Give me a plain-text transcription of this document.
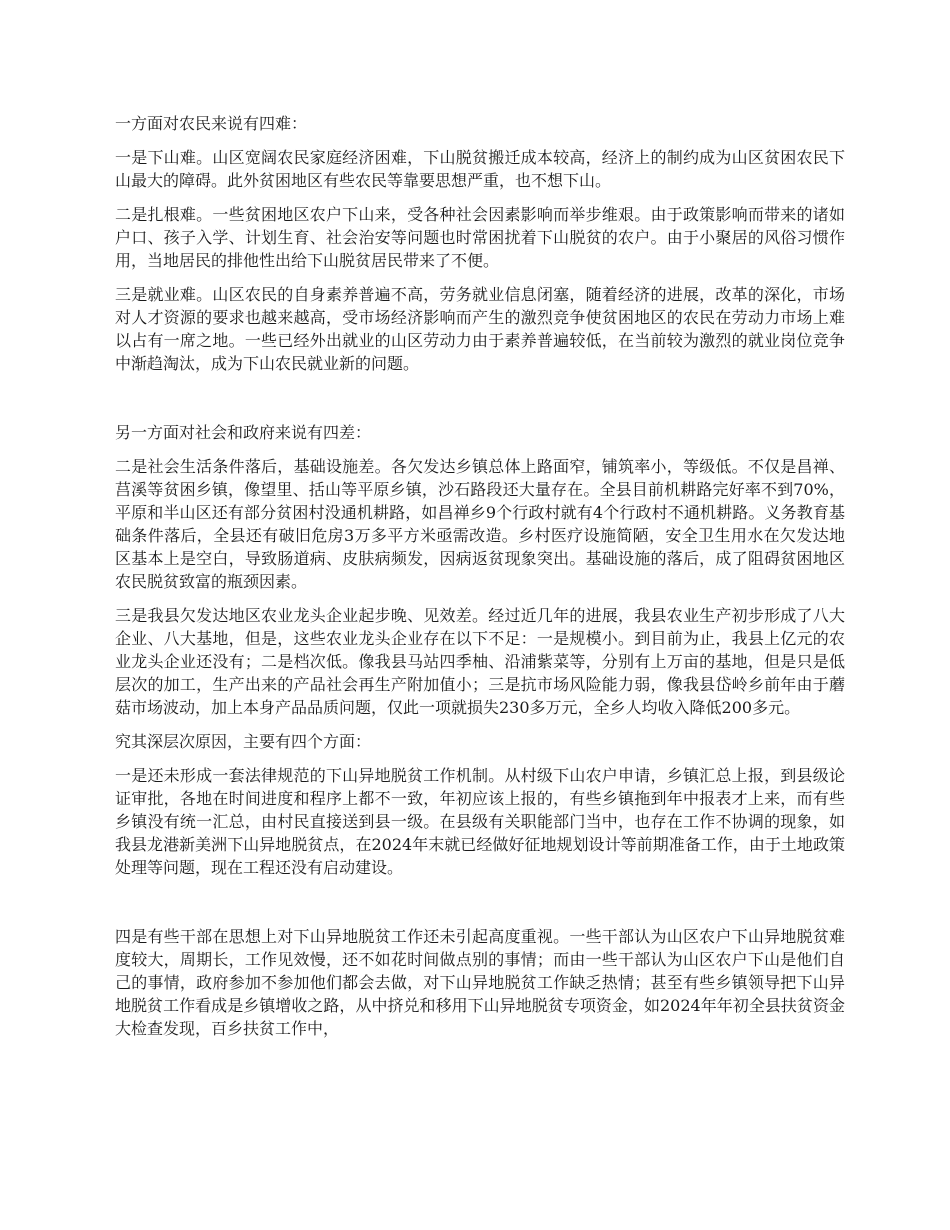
一方面对农民来说有四难：

一是下山难。山区宽阔农民家庭经济困难，下山脱贫搬迁成本较高，经济上的制约成为山区贫困农民下山最大的障碍。此外贫困地区有些农民等靠要思想严重，也不想下山。

二是扎根难。一些贫困地区农户下山来，受各种社会因素影响而举步维艰。由于政策影响而带来的诸如户口、孩子入学、计划生育、社会治安等问题也时常困扰着下山脱贫的农户。由于小聚居的风俗习惯作用，当地居民的排他性出给下山脱贫居民带来了不便。

三是就业难。山区农民的自身素养普遍不高，劳务就业信息闭塞，随着经济的进展，改革的深化，市场对人才资源的要求也越来越高，受市场经济影响而产生的激烈竞争使贫困地区的农民在劳动力市场上难以占有一席之地。一些已经外出就业的山区劳动力由于素养普遍较低，在当前较为激烈的就业岗位竞争中渐趋淘汰，成为下山农民就业新的问题。

另一方面对社会和政府来说有四差：

二是社会生活条件落后，基础设施差。各欠发达乡镇总体上路面窄，铺筑率小，等级低。不仅是昌禅、莒溪等贫困乡镇，像望里、括山等平原乡镇，沙石路段还大量存在。全县目前机耕路完好率不到70%，平原和半山区还有部分贫困村没通机耕路，如昌禅乡9个行政村就有4个行政村不通机耕路。义务教育基础条件落后，全县还有破旧危房3万多平方米亟需改造。乡村医疗设施简陋，安全卫生用水在欠发达地区基本上是空白，导致肠道病、皮肤病频发，因病返贫现象突出。基础设施的落后，成了阻碍贫困地区农民脱贫致富的瓶颈因素。

三是我县欠发达地区农业龙头企业起步晚、见效差。经过近几年的进展，我县农业生产初步形成了八大企业、八大基地，但是，这些农业龙头企业存在以下不足：一是规模小。到目前为止，我县上亿元的农业龙头企业还没有；二是档次低。像我县马站四季柚、沿浦紫菜等，分别有上万亩的基地，但是只是低层次的加工，生产出来的产品社会再生产附加值小；三是抗市场风险能力弱，像我县岱岭乡前年由于蘑菇市场波动，加上本身产品品质问题，仅此一项就损失230多万元，全乡人均收入降低200多元。

究其深层次原因，主要有四个方面：

一是还未形成一套法律规范的下山异地脱贫工作机制。从村级下山农户申请，乡镇汇总上报，到县级论证审批，各地在时间进度和程序上都不一致，年初应该上报的，有些乡镇拖到年中报表才上来，而有些乡镇没有统一汇总，由村民直接送到县一级。在县级有关职能部门当中，也存在工作不协调的现象，如我县龙港新美洲下山异地脱贫点，在2024年末就已经做好征地规划设计等前期准备工作，由于土地政策处理等问题，现在工程还没有启动建设。

四是有些干部在思想上对下山异地脱贫工作还未引起高度重视。一些干部认为山区农户下山异地脱贫难度较大，周期长，工作见效慢，还不如花时间做点别的事情；而由一些干部认为山区农户下山是他们自己的事情，政府参加不参加他们都会去做，对下山异地脱贫工作缺乏热情；甚至有些乡镇领导把下山异地脱贫工作看成是乡镇增收之路，从中挤兑和移用下山异地脱贫专项资金，如2024年年初全县扶贫资金大检查发现，百乡扶贫工作中，
